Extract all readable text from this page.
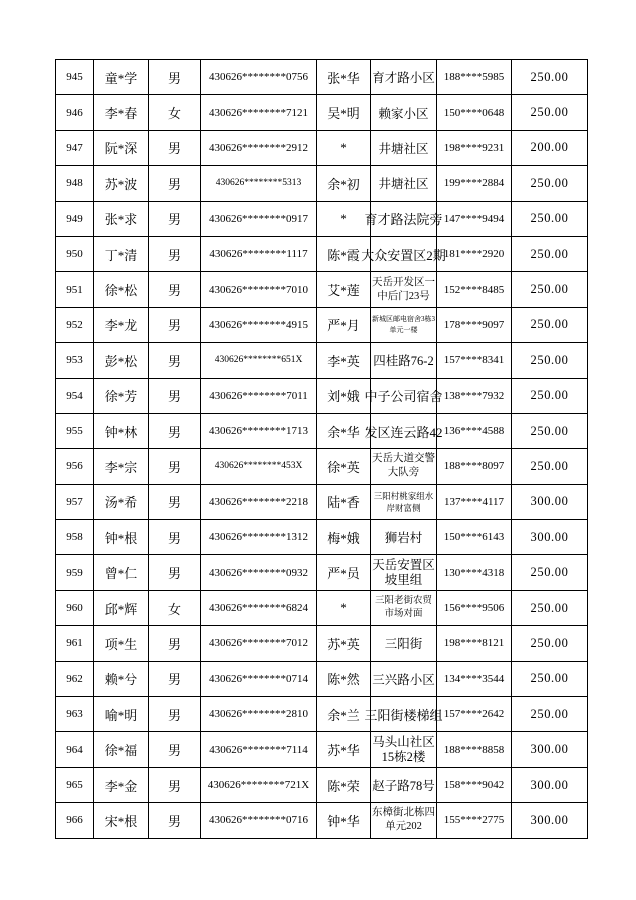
945	童*学	男	430626********0756	张*华	育才路小区	188****5985	250.00

946	李*春	女	430626********7121	吴*明	赖家小区	150****0648	250.00

947	阮*深	男	430626********2912	*	井塘社区	198****9231	200.00

948	苏*波	男	430626********5313	余*初	井塘社区	199****2884	250.00

949	张*求	男	430626********0917	*	育才路法院旁	147****9494	250.00

950	丁*清	男	430626********1117	陈*霞	大众安置区2期	181****2920	250.00

951	徐*松	男	430626********7010	艾*莲	天岳开发区一
中后门23号	152****8485	250.00

952	李*龙	男	430626********4915	严*月	新城区邮电宿舍3栋3
单元一楼	178****9097	250.00

953	彭*松	男	430626********651X	李*英	四桂路76-2	157****8341	250.00

954	徐*芳	男	430626********7011	刘*娥	中子公司宿舍	138****7932	250.00

955	钟*林	男	430626********1713	余*华	发区连云路42	136****4588	250.00

956	李*宗	男	430626********453X	徐*英	天岳大道交警
大队旁	188****8097	250.00

957	汤*希	男	430626********2218	陆*香	三阳村桃家组水
岸财富侧	137****4117	300.00

958	钟*根	男	430626********1312	梅*娥	狮岩村	150****6143	300.00

959	曾*仁	男	430626********0932	严*员	天岳安置区
坡里组	130****4318	250.00

960	邱*辉	女	430626********6824	*	三阳老街农贸
市场对面	156****9506	250.00

961	项*生	男	430626********7012	苏*英	三阳街	198****8121	250.00

962	赖*兮	男	430626********0714	陈*然	三兴路小区	134****3544	250.00

963	喻*明	男	430626********2810	余*兰	三阳街楼梯组	157****2642	250.00

964	徐*福	男	430626********7114	苏*华	马头山社区
15栋2楼	188****8858	300.00

965	李*金	男	430626********721X	陈*荣	赵子路78号	158****9042	300.00

966	宋*根	男	430626********0716	钟*华	东樟街北栋四
单元202	155****2775	300.00
